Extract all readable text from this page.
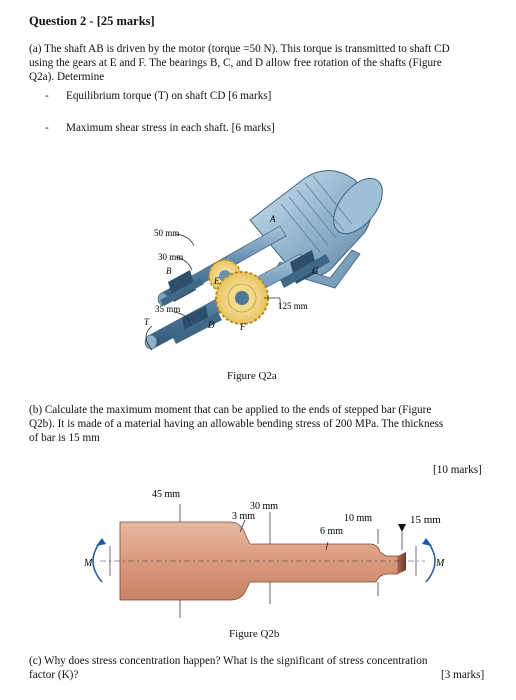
Question 2 - [25 marks]
(a) The shaft AB is driven by the motor (torque =50 N). This torque is transmitted to shaft CD
using the gears at E and F. The bearings B, C, and D allow free rotation of the shafts (Figure
Q2a). Determine
- Equilibrium torque (T) on shaft CD [6 marks]
- Maximum shear stress in each shaft. [6 marks]
50 mm
30 mm
35 mm	125 mm
A
B	C
D
E
F
T
Figure Q2a
(b) Calculate the maximum moment that can be applied to the ends of stepped bar (Figure
Q2b). It is made of a material having an allowable bending stress of 200 MPa. The thickness
of bar is 15 mm
[10 marks]
45 mm
30 mm
3 mm	10 mm
6 mm
15 mm
M	M
Figure Q2b
(c) Why does stress concentration happen? What is the significant of stress concentration
factor (K)?	[3 marks]
